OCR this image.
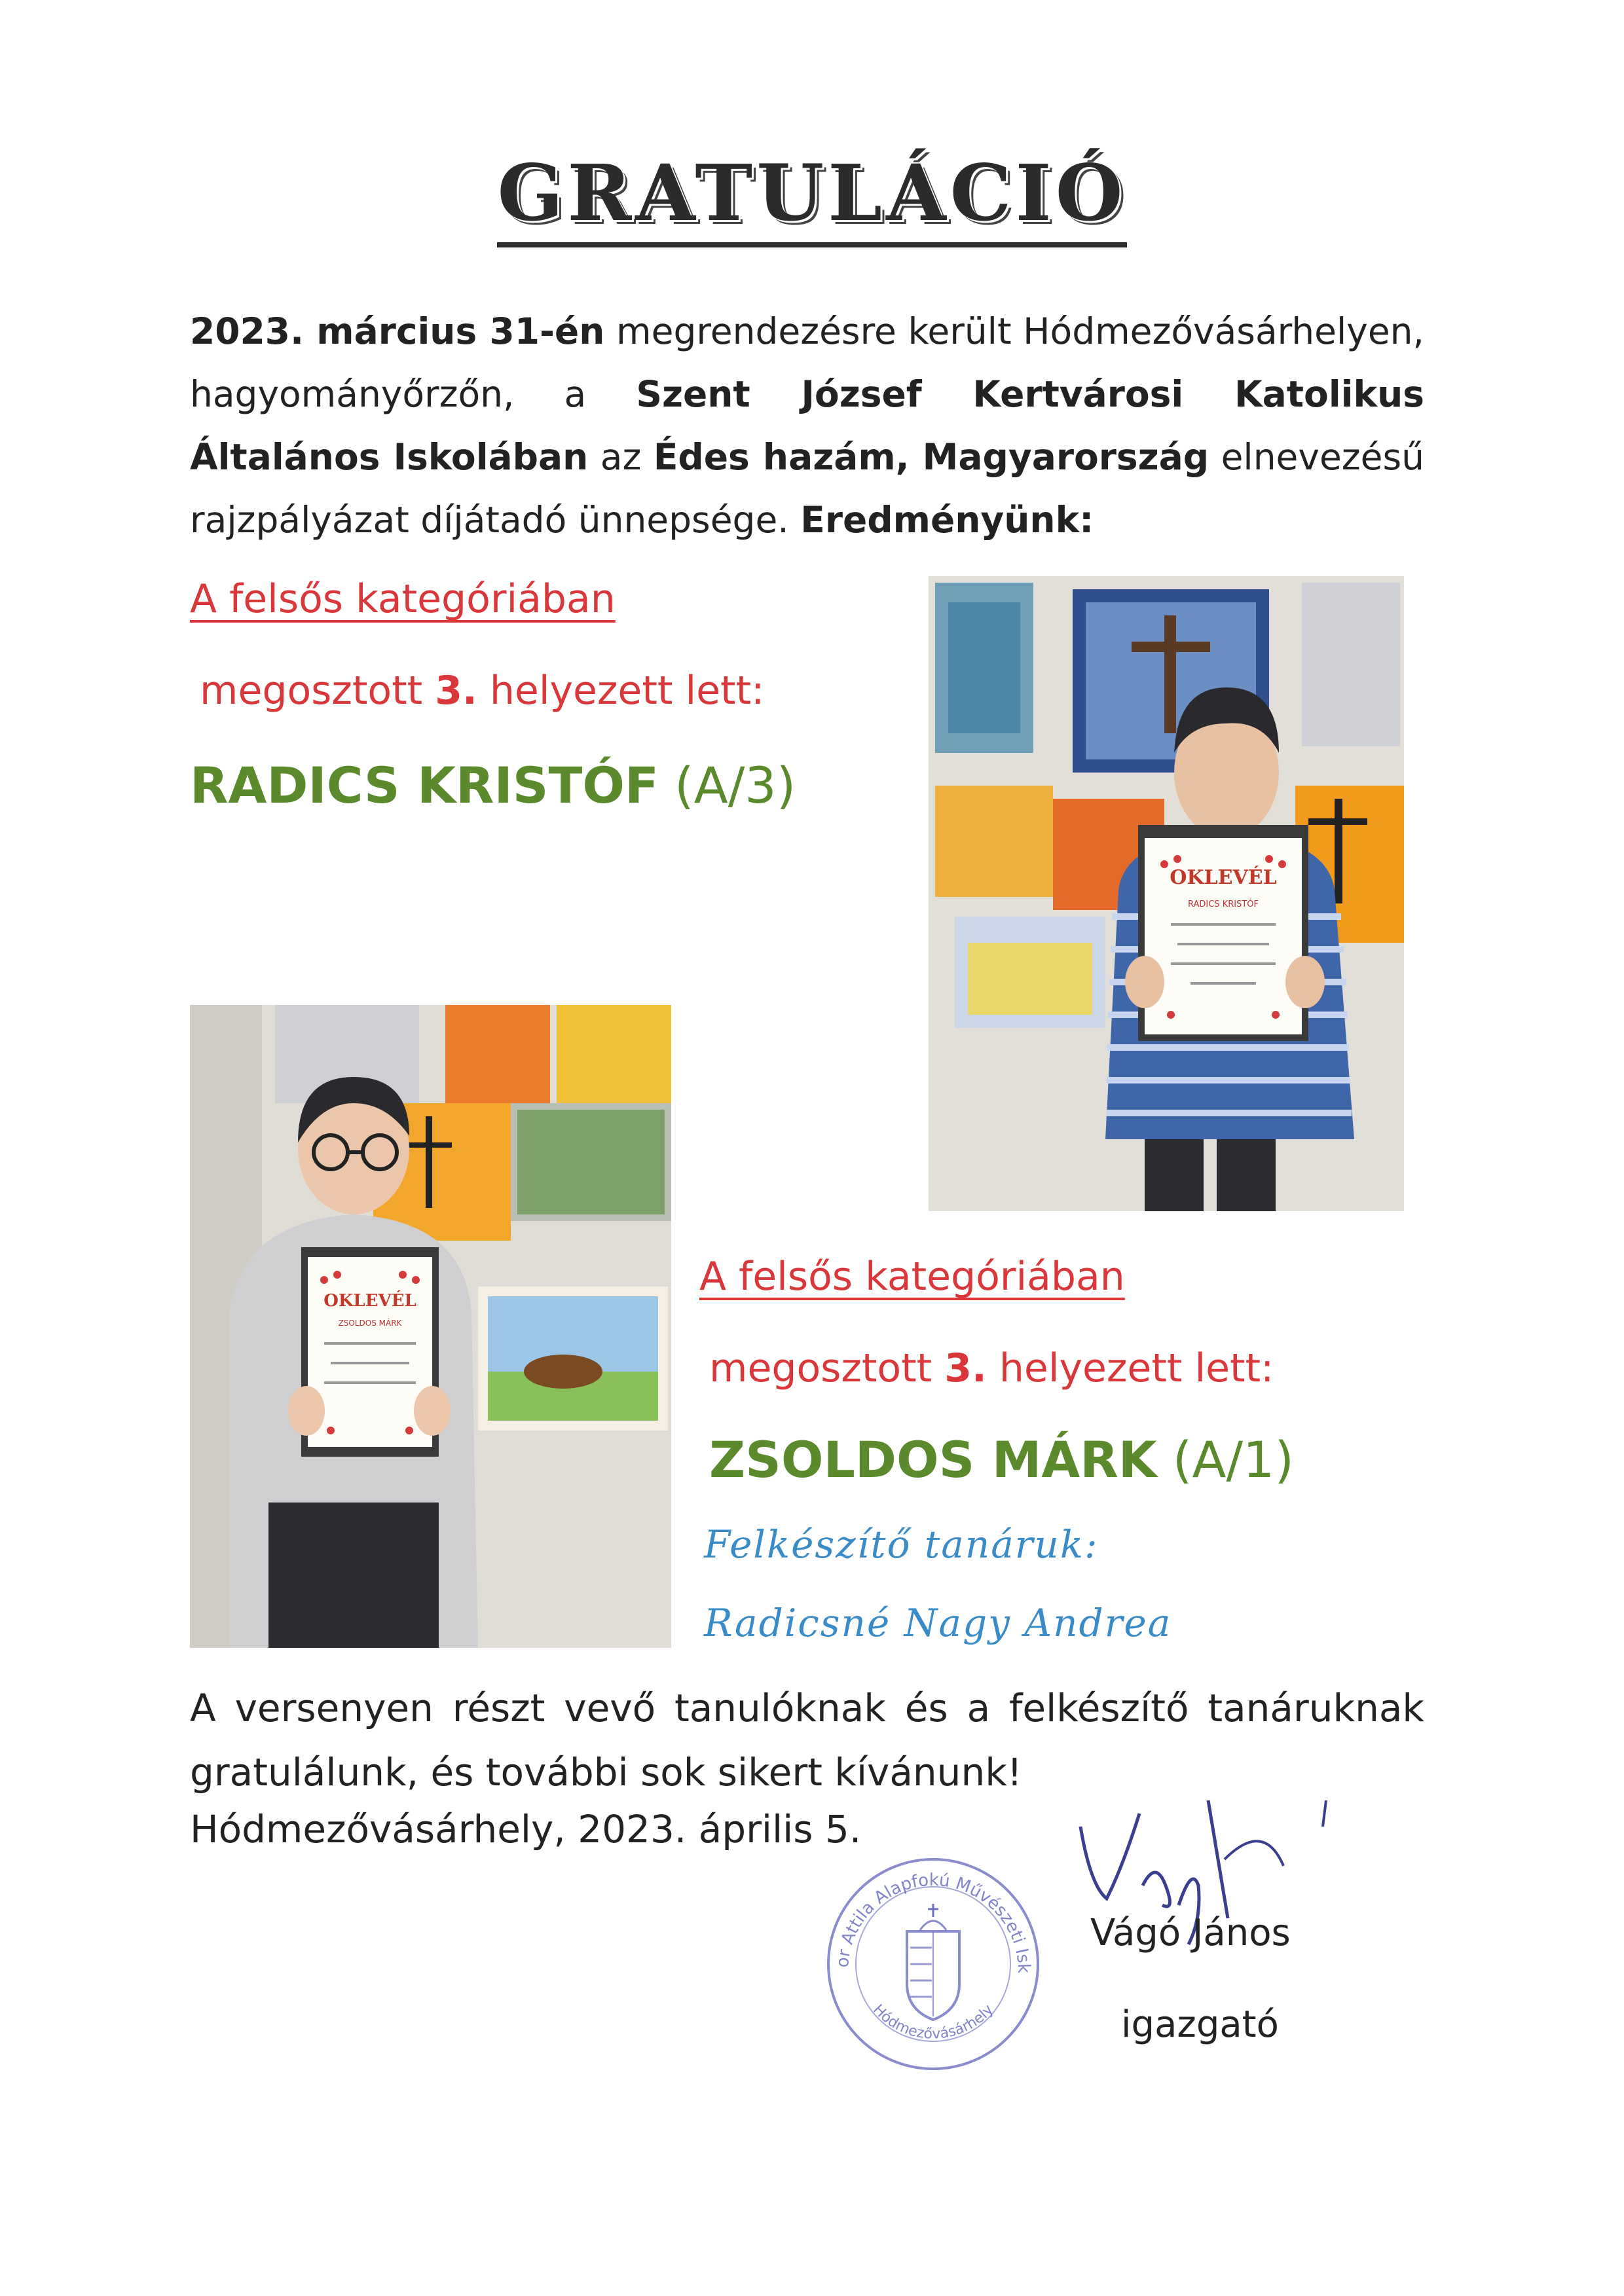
GRATULÁCIÓ
2023. március 31-én megrendezésre került Hódmezővásárhelyen, hagyományőrzőn, a Szent József Kertvárosi Katolikus Általános Iskolában az Édes hazám, Magyarország elnevezésű rajzpályázat díjátadó ünnepsége. Eredményünk:
A felsős kategóriában
megosztott 3. helyezett lett:
RADICS KRISTÓF (A/3)
OKLEVÉL
RADICS KRISTÓF
OKLEVÉL
ZSOLDOS MÁRK
A felsős kategóriában
megosztott 3. helyezett lett:
ZSOLDOS MÁRK (A/1)
Felkészítő tanáruk:
Radicsné Nagy Andrea
A versenyen részt vevő tanulóknak és a felkészítő tanáruknak gratulálunk, és további sok sikert kívánunk!
Hódmezővásárhely, 2023. április 5.
or Attila Alapfokú Művészeti Isk
Hódmezővásárhely
Vágó János
igazgató
